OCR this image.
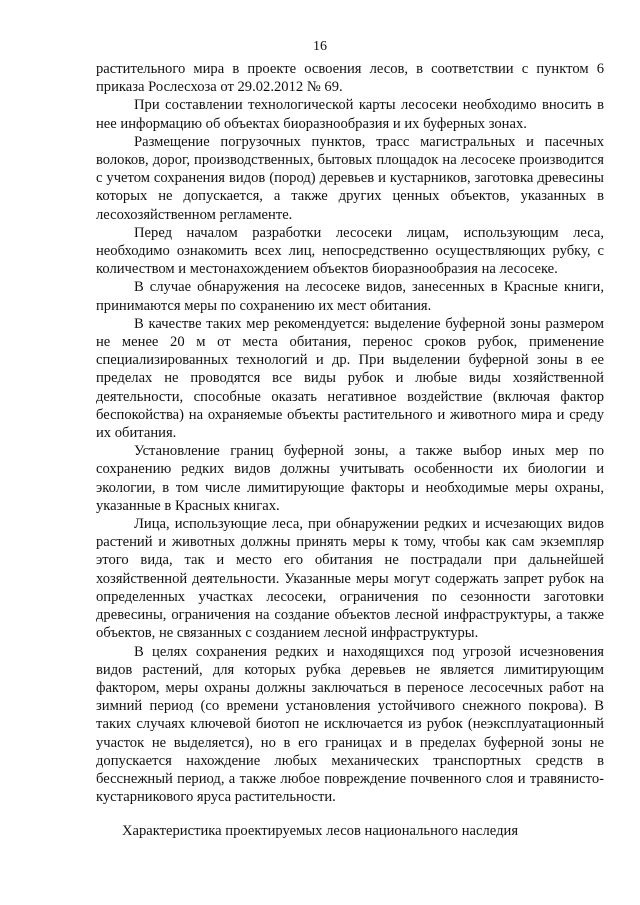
16

растительного мира в проекте освоения лесов, в соответствии с пунктом 6 приказа Рослесхоза от 29.02.2012 № 69.

При составлении технологической карты лесосеки необходимо вносить в нее информацию об объектах биоразнообразия и их буферных зонах.

Размещение погрузочных пунктов, трасс магистральных и пасечных волоков, дорог, производственных, бытовых площадок на лесосеке производится с учетом сохранения видов (пород) деревьев и кустарников, заготовка древесины которых не допускается, а также других ценных объектов, указанных в лесохозяйственном регламенте.

Перед началом разработки лесосеки лицам, использующим леса, необходимо ознакомить всех лиц, непосредственно осуществляющих рубку, с количеством и местонахождением объектов биоразнообразия на лесосеке.

В случае обнаружения на лесосеке видов, занесенных в Красные книги, принимаются меры по сохранению их мест обитания.

В качестве таких мер рекомендуется: выделение буферной зоны размером не менее 20 м от места обитания, перенос сроков рубок, применение специализированных технологий и др. При выделении буферной зоны в ее пределах не проводятся все виды рубок и любые виды хозяйственной деятельности, способные оказать негативное воздействие (включая фактор беспокойства) на охраняемые объекты растительного и животного мира и среду их обитания.

Установление границ буферной зоны, а также выбор иных мер по сохранению редких видов должны учитывать особенности их биологии и экологии, в том числе лимитирующие факторы и необходимые меры охраны, указанные в Красных книгах.

Лица, использующие леса, при обнаружении редких и исчезающих видов растений и животных должны принять меры к тому, чтобы как сам экземпляр этого вида, так и место его обитания не пострадали при дальнейшей хозяйственной деятельности. Указанные меры могут содержать запрет рубок на определенных участках лесосеки, ограничения по сезонности заготовки древесины, ограничения на создание объектов лесной инфраструктуры, а также объектов, не связанных с созданием лесной инфраструктуры.

В целях сохранения редких и находящихся под угрозой исчезновения видов растений, для которых рубка деревьев не является лимитирующим фактором, меры охраны должны заключаться в переносе лесосечных работ на зимний период (со времени установления устойчивого снежного покрова). В таких случаях ключевой биотоп не исключается из рубок (неэксплуатационный участок не выделяется), но в его границах и в пределах буферной зоны не допускается нахождение любых механических транспортных средств в бесснежный период, а также любое повреждение почвенного слоя и травянисто-кустарникового яруса растительности.

Характеристика проектируемых лесов национального наследия
